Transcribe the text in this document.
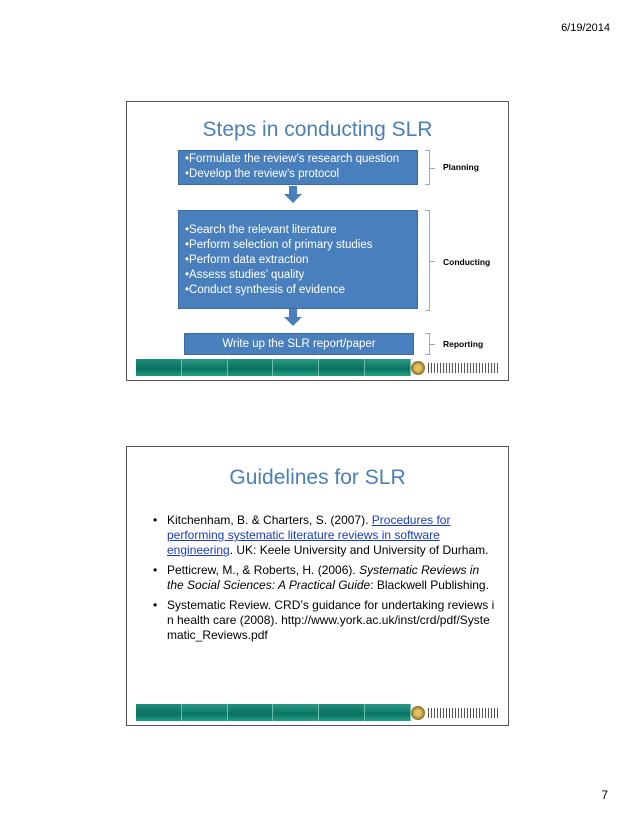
6/19/2014
Steps in conducting SLR
• Formulate the review’s research question
• Develop the review’s protocol
• Search the relevant literature
• Perform selection of primary studies
• Perform data extraction
• Assess studies’ quality
• Conduct synthesis of evidence
Write up the SLR report/paper
Planning
Conducting
Reporting
Guidelines for SLR
• Kitchenham, B. & Charters, S. (2007). Procedures for performing systematic literature reviews in software engineering. UK: Keele University and University of Durham.
• Petticrew, M., & Roberts, H. (2006). Systematic Reviews in the Social Sciences: A Practical Guide: Blackwell Publishing.
• Systematic Review. CRD’s guidance for undertaking reviews in health care (2008). http://www.york.ac.uk/inst/crd/pdf/Systematic_Reviews.pdf
7
